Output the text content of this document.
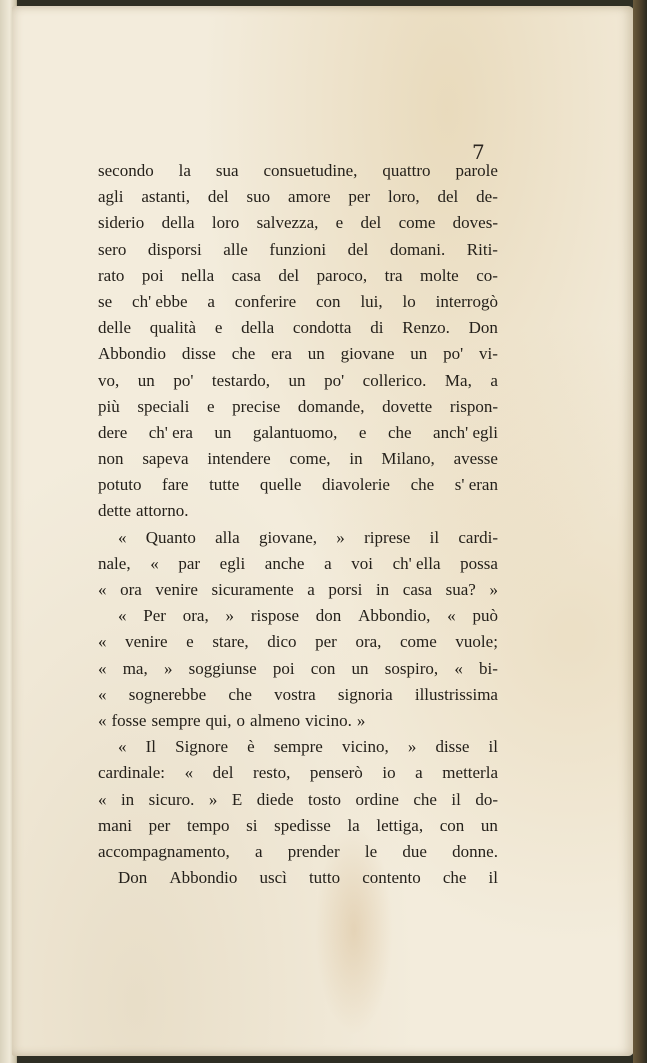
7
secondo la sua consuetudine, quattro parole
agli astanti, del suo amore per loro, del de-
siderio della loro salvezza, e del come doves-
sero disporsi alle funzioni del domani. Riti-
rato poi nella casa del paroco, tra molte co-
se ch' ebbe a conferire con lui, lo interrogò
delle qualità e della condotta di Renzo. Don
Abbondio disse che era un giovane un po' vi-
vo, un po' testardo, un po' collerico. Ma, a
più speciali e precise domande, dovette rispon-
dere ch' era un galantuomo, e che anch' egli
non sapeva intendere come, in Milano, avesse
potuto fare tutte quelle diavolerie che s' eran
dette attorno.
« Quanto alla giovane, » riprese il cardi-
nale, « par egli anche a voi ch' ella possa
« ora venire sicuramente a porsi in casa sua? »
« Per ora, » rispose don Abbondio, « può
« venire e stare, dico per ora, come vuole;
« ma, » soggiunse poi con un sospiro, « bi-
« sognerebbe che vostra signoria illustrissima
« fosse sempre qui, o almeno vicino. »
« Il Signore è sempre vicino, » disse il
cardinale: « del resto, penserò io a metterla
« in sicuro. » E diede tosto ordine che il do-
mani per tempo si spedisse la lettiga, con un
accompagnamento, a prender le due donne.
Don Abbondio uscì tutto contento che il
